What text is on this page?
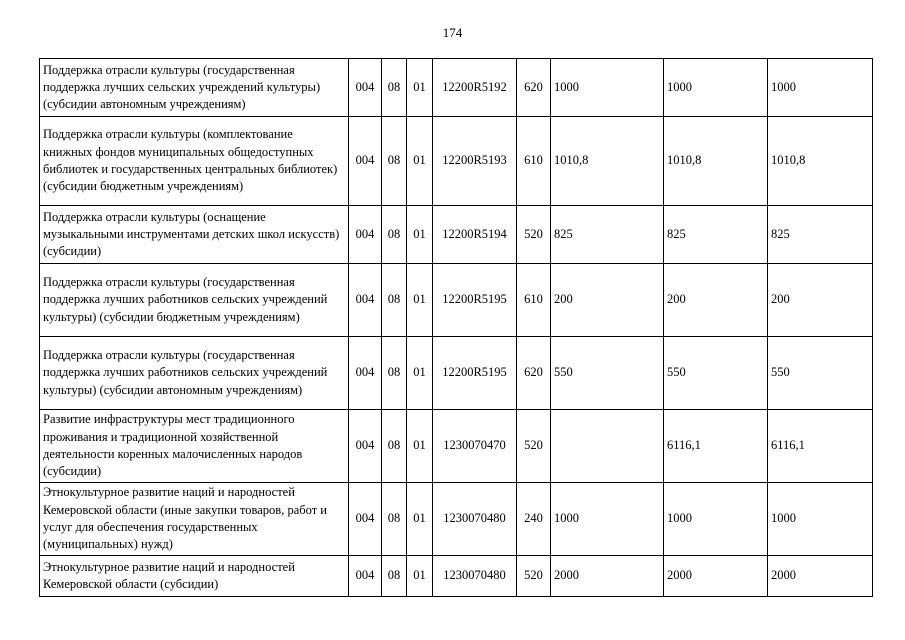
174
Поддержка отрасли культуры (государственная поддержка лучших сельских учреждений культуры) (субсидии автономным учреждениям)	004	08	01	12200R5192	620	1000	1000	1000
Поддержка отрасли культуры (комплектование книжных фондов муниципальных общедоступных библиотек и государственных центральных библиотек) (субсидии бюджетным учреждениям)	004	08	01	12200R5193	610	1010,8	1010,8	1010,8
Поддержка отрасли культуры (оснащение музыкальными инструментами детских школ искусств) (субсидии)	004	08	01	12200R5194	520	825	825	825
Поддержка отрасли культуры (государственная поддержка лучших работников сельских учреждений культуры) (субсидии бюджетным учреждениям)	004	08	01	12200R5195	610	200	200	200
Поддержка отрасли культуры (государственная поддержка лучших работников сельских учреждений культуры) (субсидии автономным учреждениям)	004	08	01	12200R5195	620	550	550	550
Развитие инфраструктуры мест традиционного проживания и традиционной хозяйственной деятельности коренных малочисленных народов (субсидии)	004	08	01	1230070470	520		6116,1	6116,1
Этнокультурное развитие наций и народностей Кемеровской области (иные закупки товаров, работ и услуг для обеспечения государственных (муниципальных) нужд)	004	08	01	1230070480	240	1000	1000	1000
Этнокультурное развитие наций и народностей Кемеровской области (субсидии)	004	08	01	1230070480	520	2000	2000	2000
